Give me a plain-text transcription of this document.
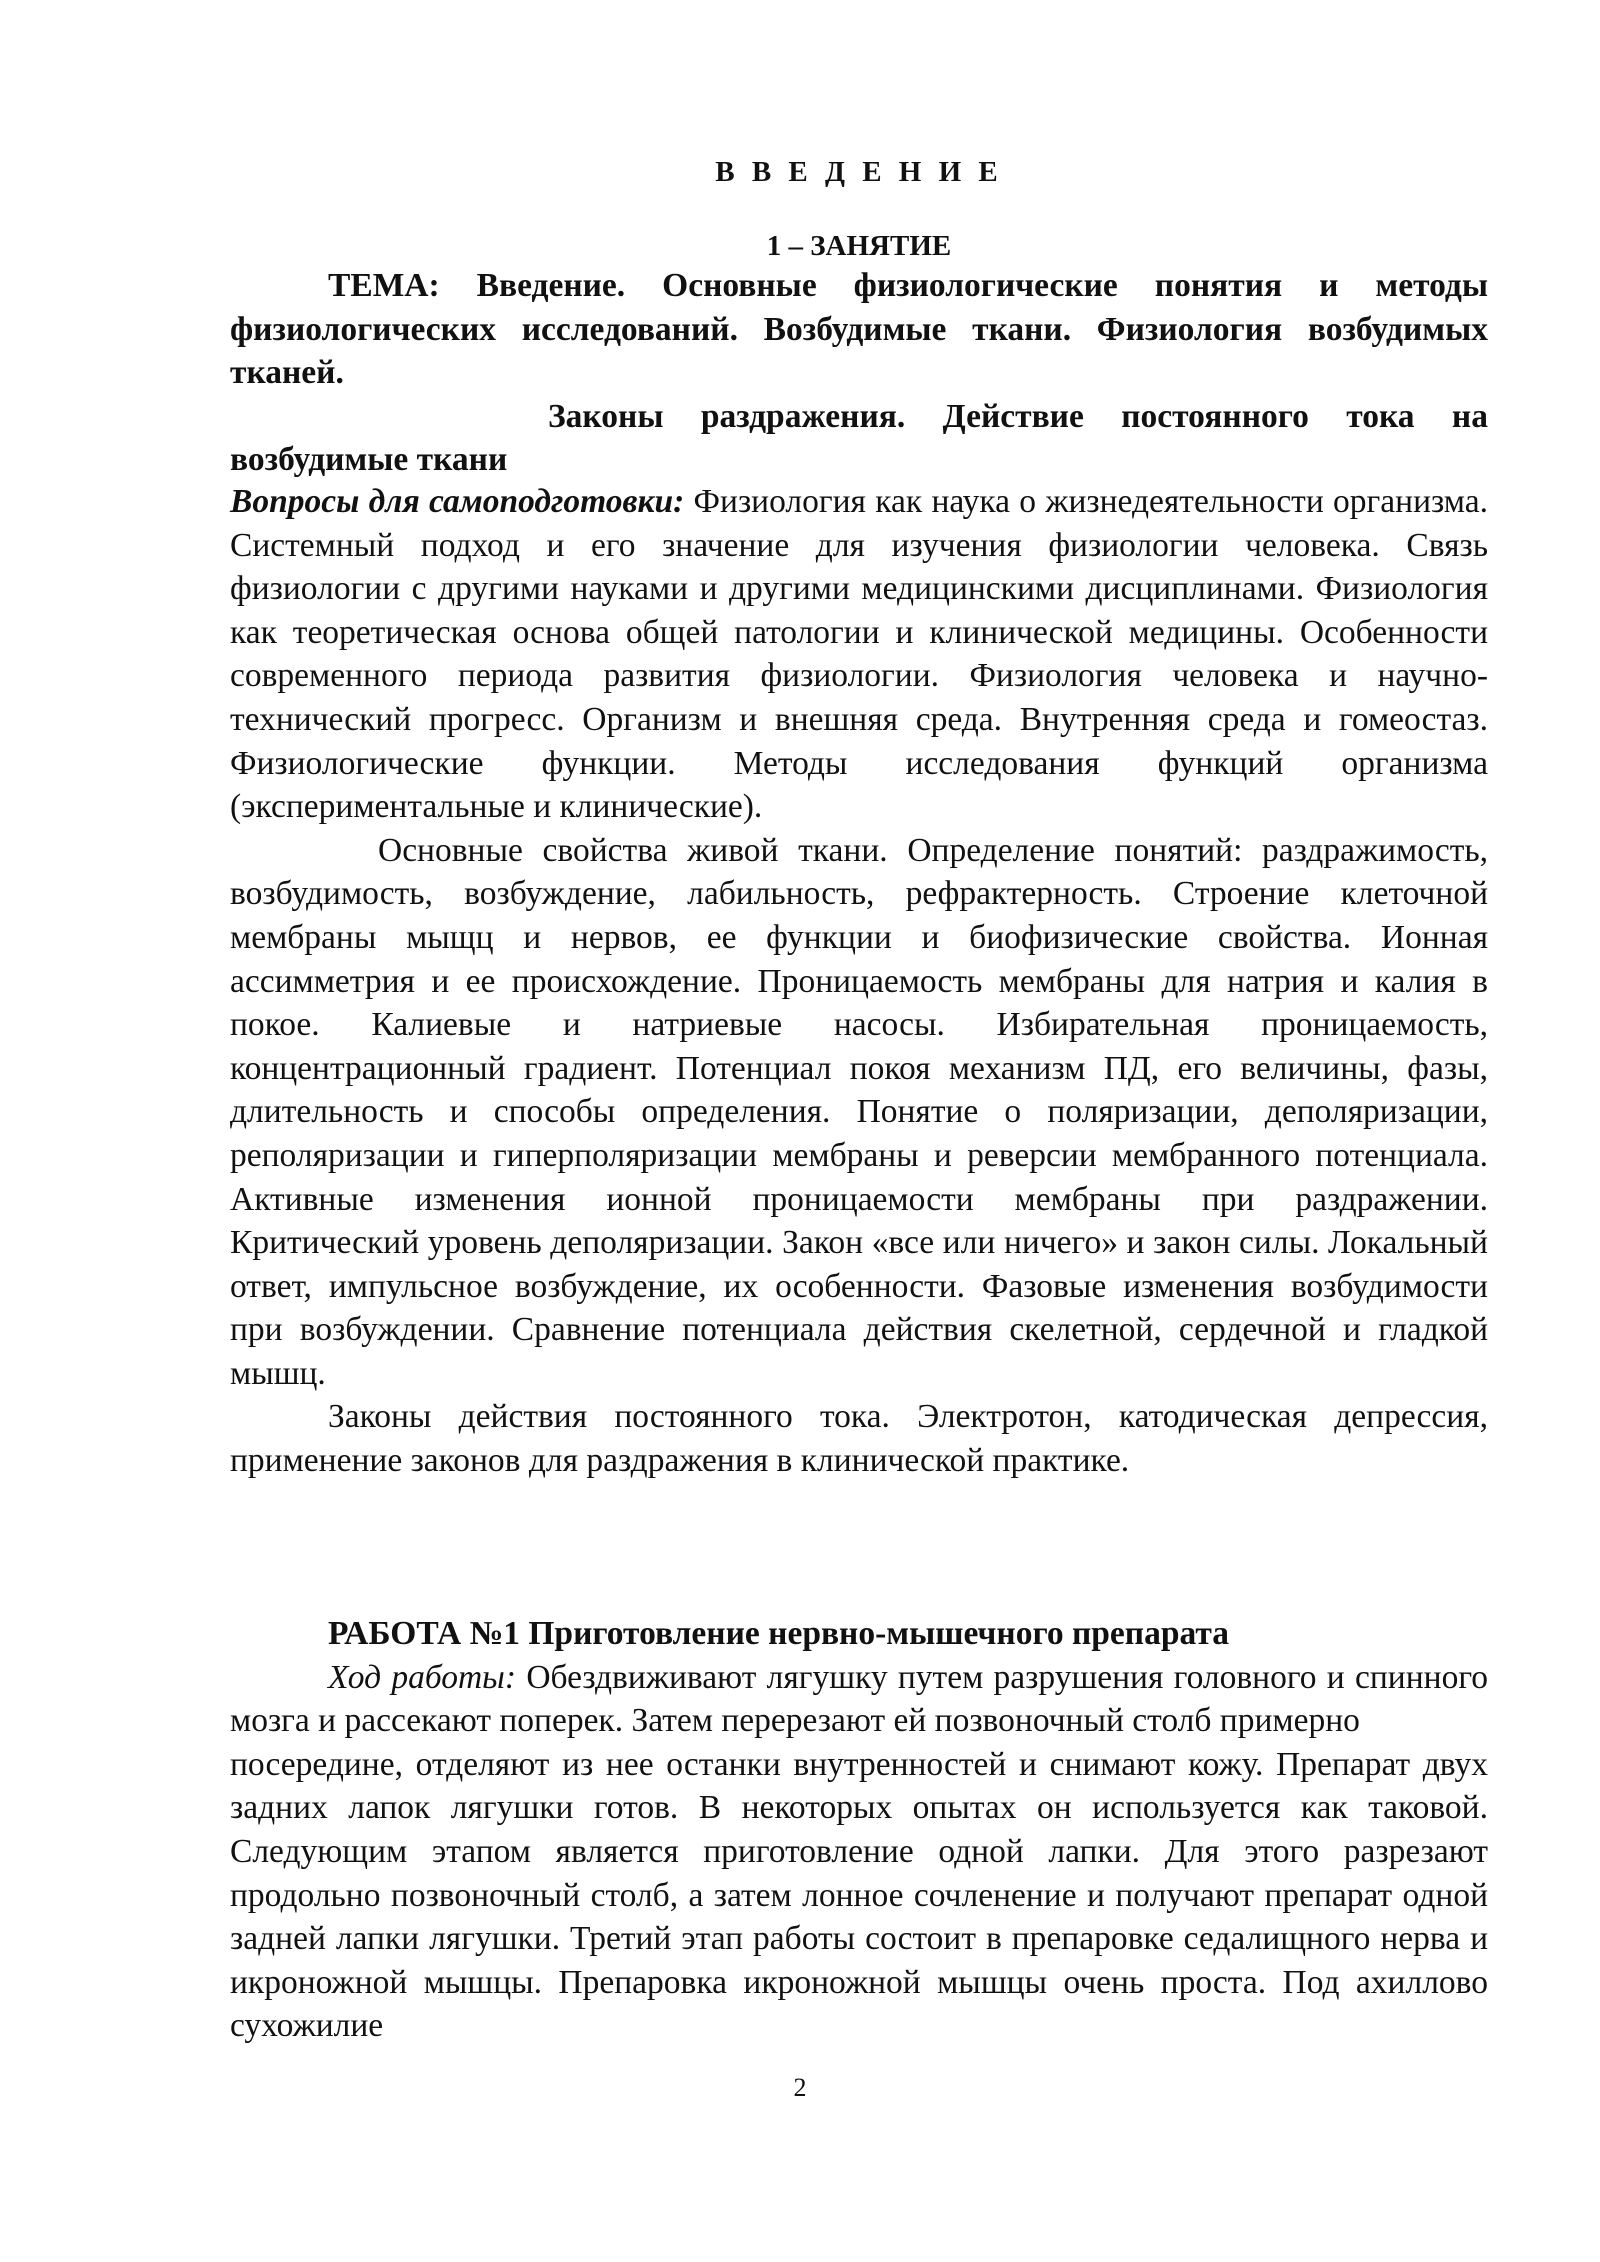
В В Е Д Е Н И Е
1 – ЗАНЯТИЕ

ТЕМА: Введение. Основные физиологические понятия и методы физиологических исследований. Возбудимые ткани. Физиология возбудимых тканей.

Законы раздражения. Действие постоянного тока на возбудимые ткани

Вопросы для самоподготовки: Физиология как наука о жизнедеятельности организма. Системный подход и его значение для изучения физиологии человека. Связь физиологии с другими науками и другими медицинскими дисциплинами. Физиология как теоретическая основа общей патологии и клинической медицины. Особенности современного периода развития физиологии. Физиология человека и научно-технический прогресс. Организм и внешняя среда. Внутренняя среда и гомеостаз. Физиологические функции. Методы исследования функций организма (экспериментальные и клинические).

Основные свойства живой ткани. Определение понятий: раздражимость, возбудимость, возбуждение, лабильность, рефрактерность. Строение клеточной мембраны мыщц и нервов, ее функции и биофизические свойства. Ионная ассимметрия и ее происхождение. Проницаемость мембраны для натрия и калия в покое. Калиевые и натриевые насосы. Избирательная проницаемость, концентрационный градиент. Потенциал покоя механизм ПД, его величины, фазы, длительность и способы определения. Понятие о поляризации, деполяризации, реполяризации и гиперполяризации мембраны и реверсии мембранного потенциала. Активные изменения ионной проницаемости мембраны при раздражении. Критический уровень деполяризации. Закон «все или ничего» и закон силы. Локальный ответ, импульсное возбуждение, их особенности. Фазовые изменения возбудимости при возбуждении. Сравнение потенциала действия скелетной, сердечной и гладкой мышц.

Законы действия постоянного тока. Электротон, катодическая депрессия, применение законов для раздражения в клинической практике.

РАБОТА №1 Приготовление нервно-мышечного препарата

Ход работы: Обездвиживают лягушку путем разрушения головного и спинного мозга и рассекают поперек. Затем перерезают ей позвоночный столб примерно

посередине, отделяют из нее останки внутренностей и снимают кожу. Препарат двух задних лапок лягушки готов. В некоторых опытах он используется как таковой. Следующим этапом является приготовление одной лапки. Для этого разрезают продольно позвоночный столб, а затем лонное сочленение и получают препарат одной задней лапки лягушки. Третий этап работы состоит в препаровке седалищного нерва и икроножной мышцы. Препаровка икроножной мышцы очень проста. Под ахиллово сухожилие

2
